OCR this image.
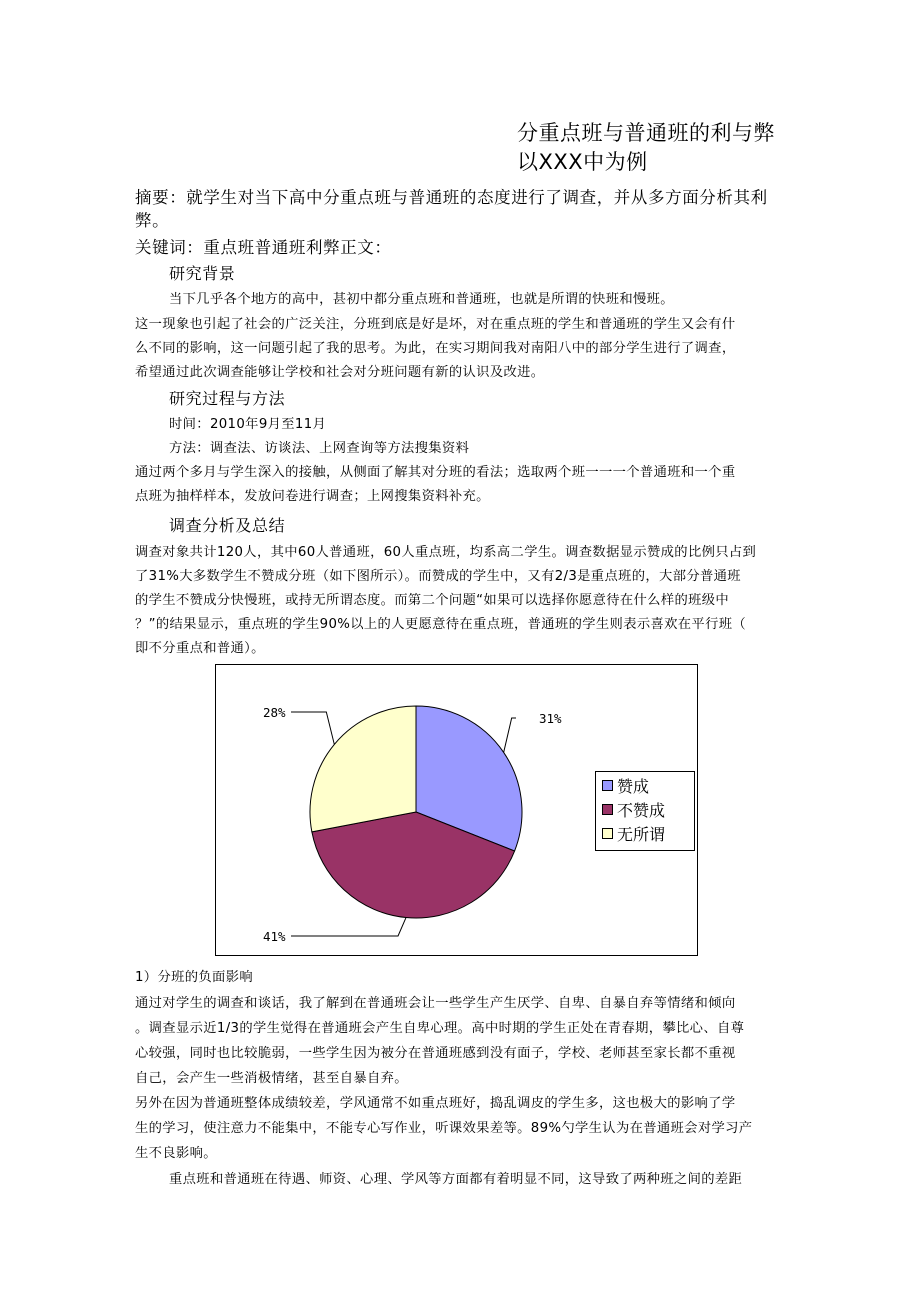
分重点班与普通班的利与弊
以XXX中为例
摘要：就学生对当下高中分重点班与普通班的态度进行了调查，并从多方面分析其利
弊。
关键词：重点班普通班利弊正文：
研究背景
当下几乎各个地方的高中，甚初中都分重点班和普通班，也就是所谓的快班和慢班。
这一现象也引起了社会的广泛关注，分班到底是好是坏，对在重点班的学生和普通班的学生又会有什
么不同的影响，这一问题引起了我的思考。为此，在实习期间我对南阳八中的部分学生进行了调查，
希望通过此次调查能够让学校和社会对分班问题有新的认识及改进。
研究过程与方法
时间：2010年9月至11月
方法：调查法、访谈法、上网查询等方法搜集资料
通过两个多月与学生深入的接触，从侧面了解其对分班的看法；选取两个班一一一个普通班和一个重
点班为抽样样本，发放问卷进行调查；上网搜集资料补充。
调查分析及总结
调查对象共计120人，其中60人普通班，60人重点班，均系高二学生。调查数据显示赞成的比例只占到
了31%大多数学生不赞成分班（如下图所示）。而赞成的学生中，又有2/3是重点班的，大部分普通班
的学生不赞成分快慢班，或持无所谓态度。而第二个问题“如果可以选择你愿意待在什么样的班级中
？”的结果显示，重点班的学生90%以上的人更愿意待在重点班，普通班的学生则表示喜欢在平行班（
即不分重点和普通）。
31%
41%
28%
赞成
不赞成
无所谓
1）分班的负面影响
通过对学生的调查和谈话，我了解到在普通班会让一些学生产生厌学、自卑、自暴自弃等情绪和倾向
。调查显示近1/3的学生觉得在普通班会产生自卑心理。高中时期的学生正处在青春期，攀比心、自尊
心较强，同时也比较脆弱，一些学生因为被分在普通班感到没有面子，学校、老师甚至家长都不重视
自己，会产生一些消极情绪，甚至自暴自弃。
另外在因为普通班整体成绩较差，学风通常不如重点班好，捣乱调皮的学生多，这也极大的影响了学
生的学习，使注意力不能集中，不能专心写作业，听课效果差等。89%勺学生认为在普通班会对学习产
生不良影响。
重点班和普通班在待遇、师资、心理、学风等方面都有着明显不同，这导致了两种班之间的差距
